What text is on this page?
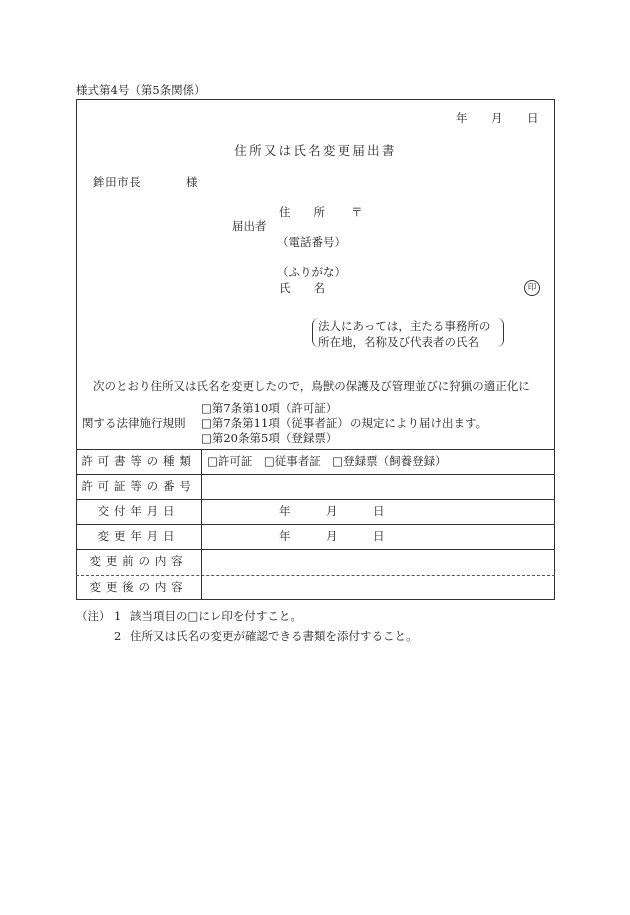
様式第4号（第5条関係）
年 月 日
住所又は氏名変更届出書
鉾田市長	様
届出者
住　　所 〒
（電話番号）
（ふりがな）
氏　　名	印
法人にあっては，主たる事務所の
所在地，名称及び代表者の氏名
次のとおり住所又は氏名を変更したので，鳥獣の保護及び管理並びに狩猟の適正化に
関する法律施行規則
□第7条第10項（許可証）
□第7条第11項（従事者証）
□第20条第5項（登録票）
の規定により届け出ます。
許可書等の種類 □許可証　□従事者証　□登録票（飼養登録）
許可証等の番号
交付年月日	年	月	日
変更年月日	年	月	日
変更前の内容
変更後の内容
（注） 1 該当項目の□にレ印を付すこと。
2 住所又は氏名の変更が確認できる書類を添付すること。
